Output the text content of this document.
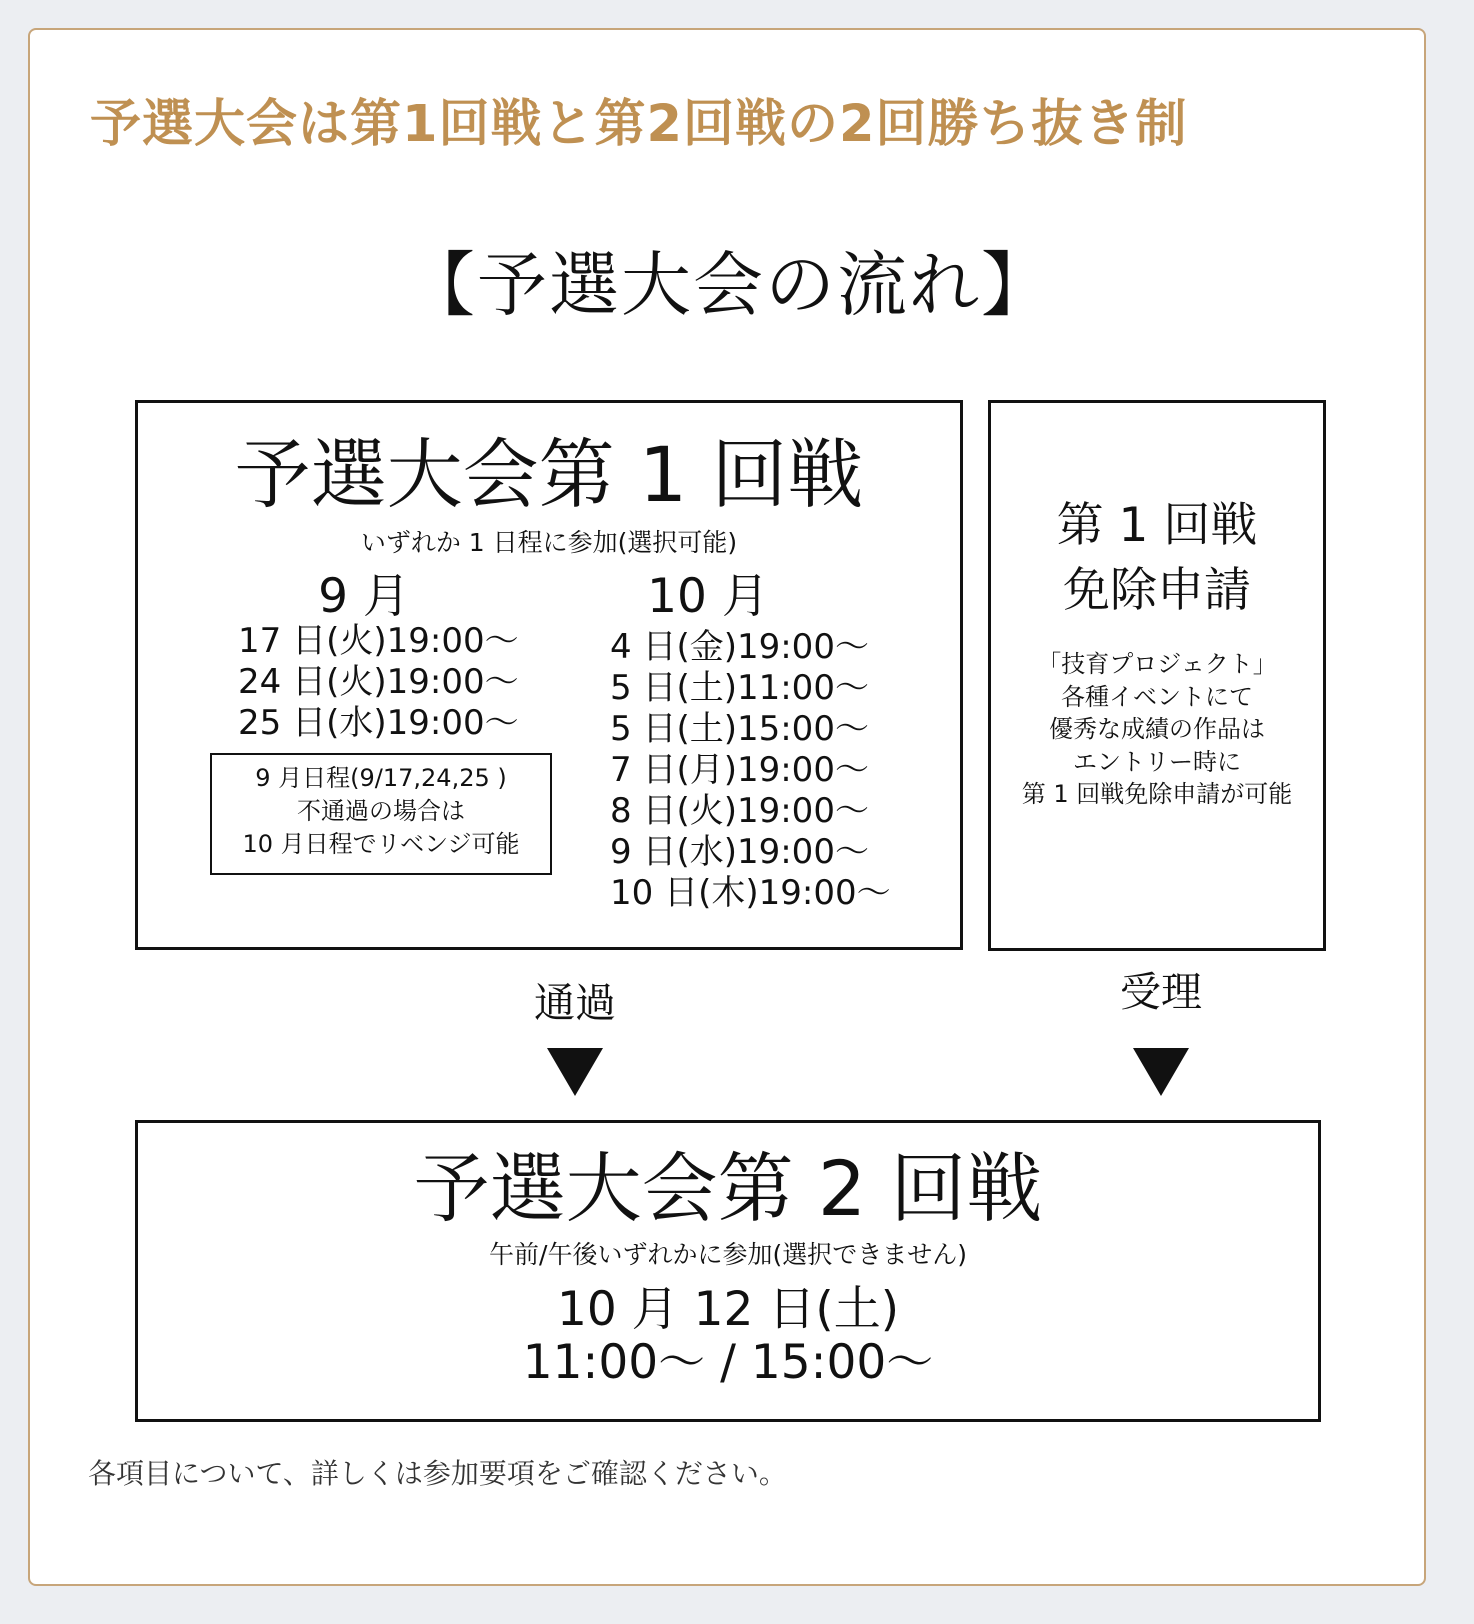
予選大会は第1回戦と第2回戦の2回勝ち抜き制
【予選大会の流れ】
予選大会第 1 回戦
いずれか 1 日程に参加(選択可能)
9 月
17 日(火)19:00〜
24 日(火)19:00〜
25 日(水)19:00〜
9 月日程(9/17,24,25 )
不通過の場合は
10 月日程でリベンジ可能
10 月
4 日(金)19:00〜
5 日(土)11:00〜
5 日(土)15:00〜
7 日(月)19:00〜
8 日(火)19:00〜
9 日(水)19:00〜
10 日(木)19:00〜
第 1 回戦
免除申請
「技育プロジェクト」
各種イベントにて
優秀な成績の作品は
エントリー時に
第 1 回戦免除申請が可能
通過	受理
予選大会第 2 回戦
午前/午後いずれかに参加(選択できません)
10 月 12 日(土)
11:00〜 / 15:00〜
各項目について、詳しくは参加要項をご確認ください。
